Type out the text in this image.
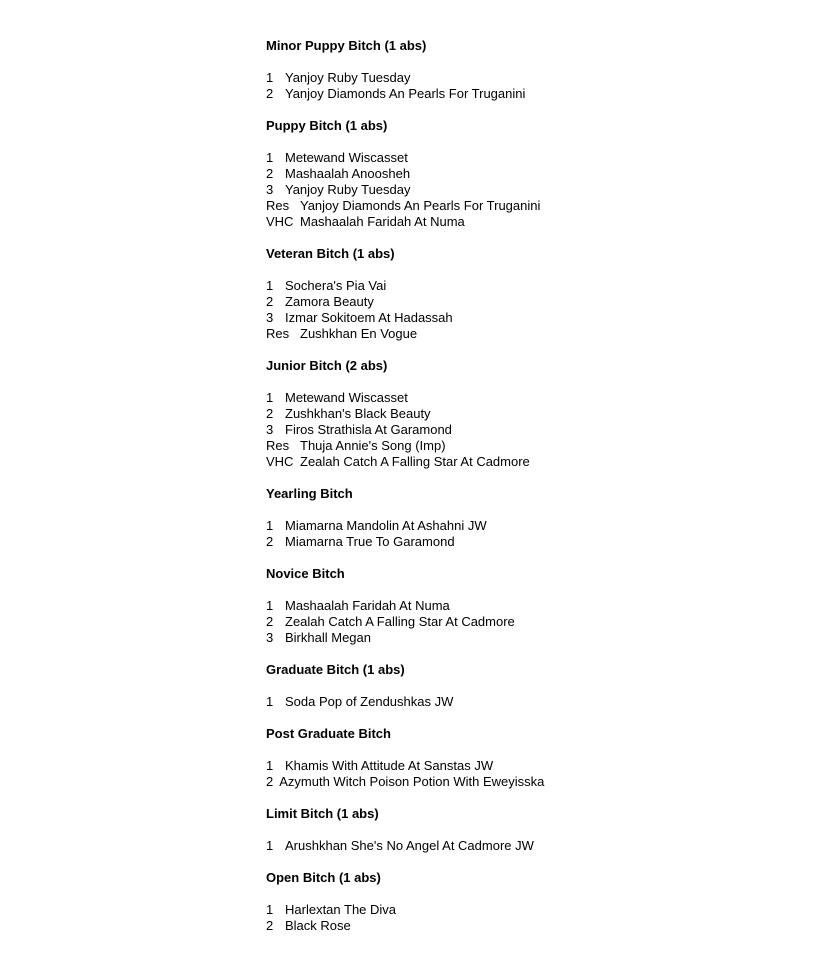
Minor Puppy Bitch (1 abs)
1 Yanjoy Ruby Tuesday
2 Yanjoy Diamonds An Pearls For Truganini
Puppy Bitch (1 abs)
1 Metewand Wiscasset
2 Mashaalah Anoosheh
3 Yanjoy Ruby Tuesday
Res Yanjoy Diamonds An Pearls For Truganini
VHC Mashaalah Faridah At Numa
Veteran Bitch (1 abs)
1 Sochera's Pia Vai
2 Zamora Beauty
3 Izmar Sokitoem At Hadassah
Res Zushkhan En Vogue
Junior Bitch (2 abs)
1 Metewand Wiscasset
2 Zushkhan's Black Beauty
3 Firos Strathisla At Garamond
Res Thuja Annie's Song (Imp)
VHC Zealah Catch A Falling Star At Cadmore
Yearling Bitch
1 Miamarna Mandolin At Ashahni JW
2 Miamarna True To Garamond
Novice Bitch
1 Mashaalah Faridah At Numa
2 Zealah Catch A Falling Star At Cadmore
3 Birkhall Megan
Graduate Bitch (1 abs)
1 Soda Pop of Zendushkas JW
Post Graduate Bitch
1 Khamis With Attitude At Sanstas JW
2 Azymuth Witch Poison Potion With Eweyisska
Limit Bitch (1 abs)
1 Arushkhan She's No Angel At Cadmore JW
Open Bitch (1 abs)
1 Harlextan The Diva
2 Black Rose
